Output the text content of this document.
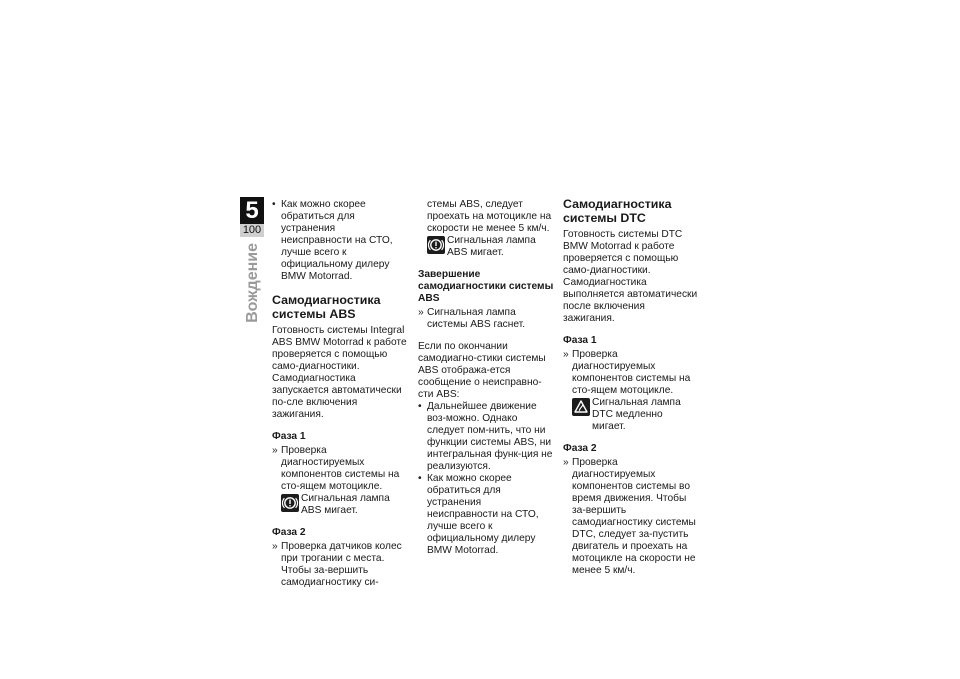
5
100
Вождение
• Как можно скорее обратиться для устранения неисправности на СТО, лучше всего к официальному дилеру BMW Motorrad.
Самодиагностика системы ABS

Готовность системы Integral ABS BMW Motorrad к работе проверяется с помощью само-диагностики. Самодиагностика запускается автоматически по-сле включения зажигания.

Фаза 1
» Проверка диагностируемых компонентов системы на сто-ящем мотоцикле.
Сигнальная лампа ABS мигает.
Фаза 2
» Проверка датчиков колес при трогании с места. Чтобы за-вершить самодиагностику си-
стемы ABS, следует проехать на мотоцикле на скорости не менее 5 км/ч.
Сигнальная лампа ABS мигает.
Завершение самодиагностики системы ABS
» Сигнальная лампа системы ABS гаснет.

Если по окончании самодиагно-стики системы ABS отобража-ется сообщение о неисправно-сти ABS:

• Дальнейшее движение воз-можно. Однако следует пом-нить, что ни функции системы ABS, ни интегральная функ-ция не реализуются.
• Как можно скорее обратиться для устранения неисправности на СТО, лучше всего к официальному дилеру BMW Motorrad.
Самодиагностика системы DTC

Готовность системы DTC BMW Motorrad к работе проверяется с помощью само-диагностики. Самодиагностика выполняется автоматически после включения зажигания.

Фаза 1
» Проверка диагностируемых компонентов системы на сто-ящем мотоцикле.
Сигнальная лампа DTC медленно мигает.
Фаза 2
» Проверка диагностируемых компонентов системы во время движения. Чтобы за-вершить самодиагностику системы DTC, следует за-пустить двигатель и проехать на мотоцикле на скорости не менее 5 км/ч.
